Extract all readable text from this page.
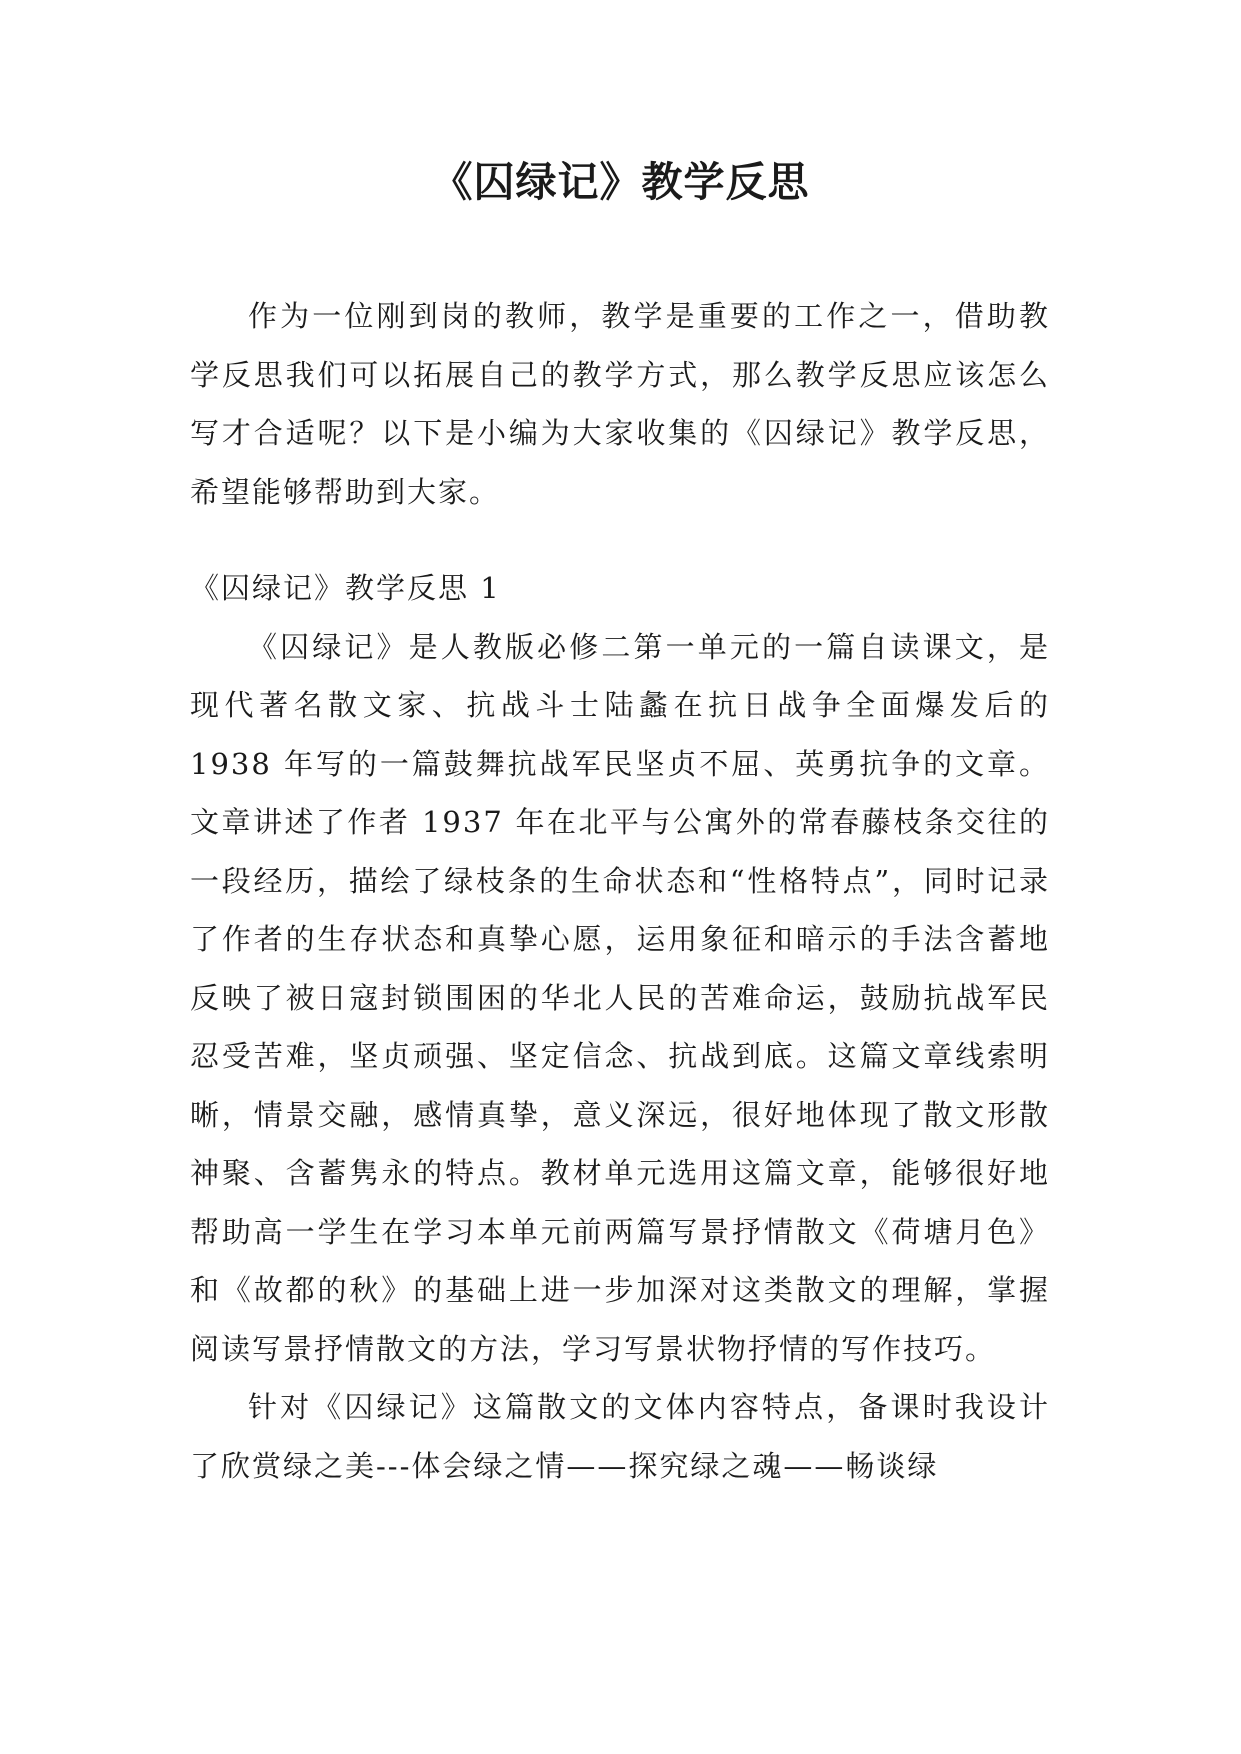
《囚绿记》教学反思

作为一位刚到岗的教师，教学是重要的工作之一，借助教学反思我们可以拓展自己的教学方式，那么教学反思应该怎么写才合适呢？以下是小编为大家收集的《囚绿记》教学反思，希望能够帮助到大家。

《囚绿记》教学反思 1

《囚绿记》是人教版必修二第一单元的一篇自读课文，是现代著名散文家、抗战斗士陆蠡在抗日战争全面爆发后的 1938 年写的一篇鼓舞抗战军民坚贞不屈、英勇抗争的文章。文章讲述了作者 1937 年在北平与公寓外的常春藤枝条交往的一段经历，描绘了绿枝条的生命状态和“性格特点”，同时记录了作者的生存状态和真挚心愿，运用象征和暗示的手法含蓄地反映了被日寇封锁围困的华北人民的苦难命运，鼓励抗战军民忍受苦难，坚贞顽强、坚定信念、抗战到底。这篇文章线索明晰，情景交融，感情真挚，意义深远，很好地体现了散文形散神聚、含蓄隽永的特点。教材单元选用这篇文章，能够很好地帮助高一学生在学习本单元前两篇写景抒情散文《荷塘月色》和《故都的秋》的基础上进一步加深对这类散文的理解，掌握阅读写景抒情散文的方法，学习写景状物抒情的写作技巧。

针对《囚绿记》这篇散文的文体内容特点，备课时我设计了欣赏绿之美---体会绿之情——探究绿之魂——畅谈绿
